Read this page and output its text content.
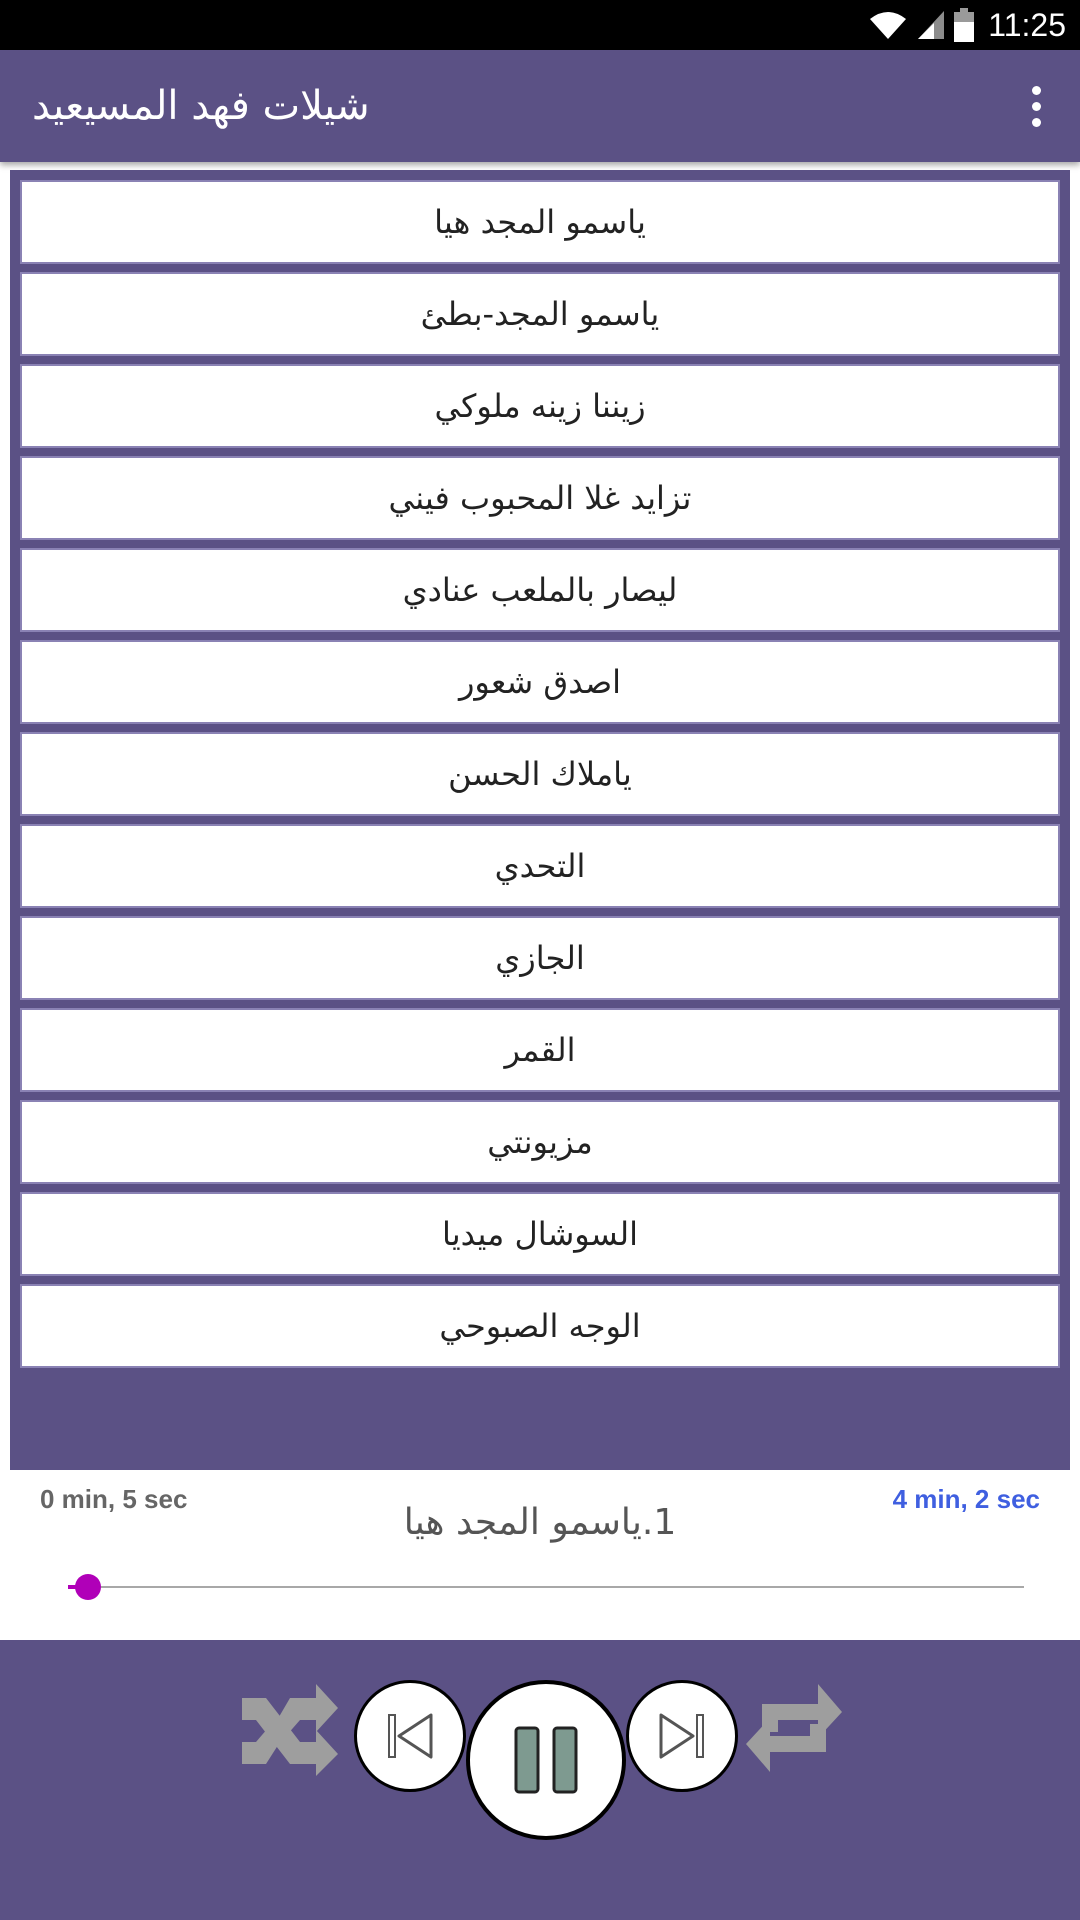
11:25
شيلات فهد المسيعيد
ياسمو المجد هيا
ياسمو المجد-بطئ
زيننا زينه ملوكي
تزايد غلا المحبوب فيني
ليصار بالملعب عنادي
اصدق شعور
ياملاك الحسن
التحدي
الجازي
القمر
مزيونتي
السوشال ميديا
الوجه الصبوحي
0 min, 5 sec	4 min, 2 sec
1.ياسمو المجد هيا
